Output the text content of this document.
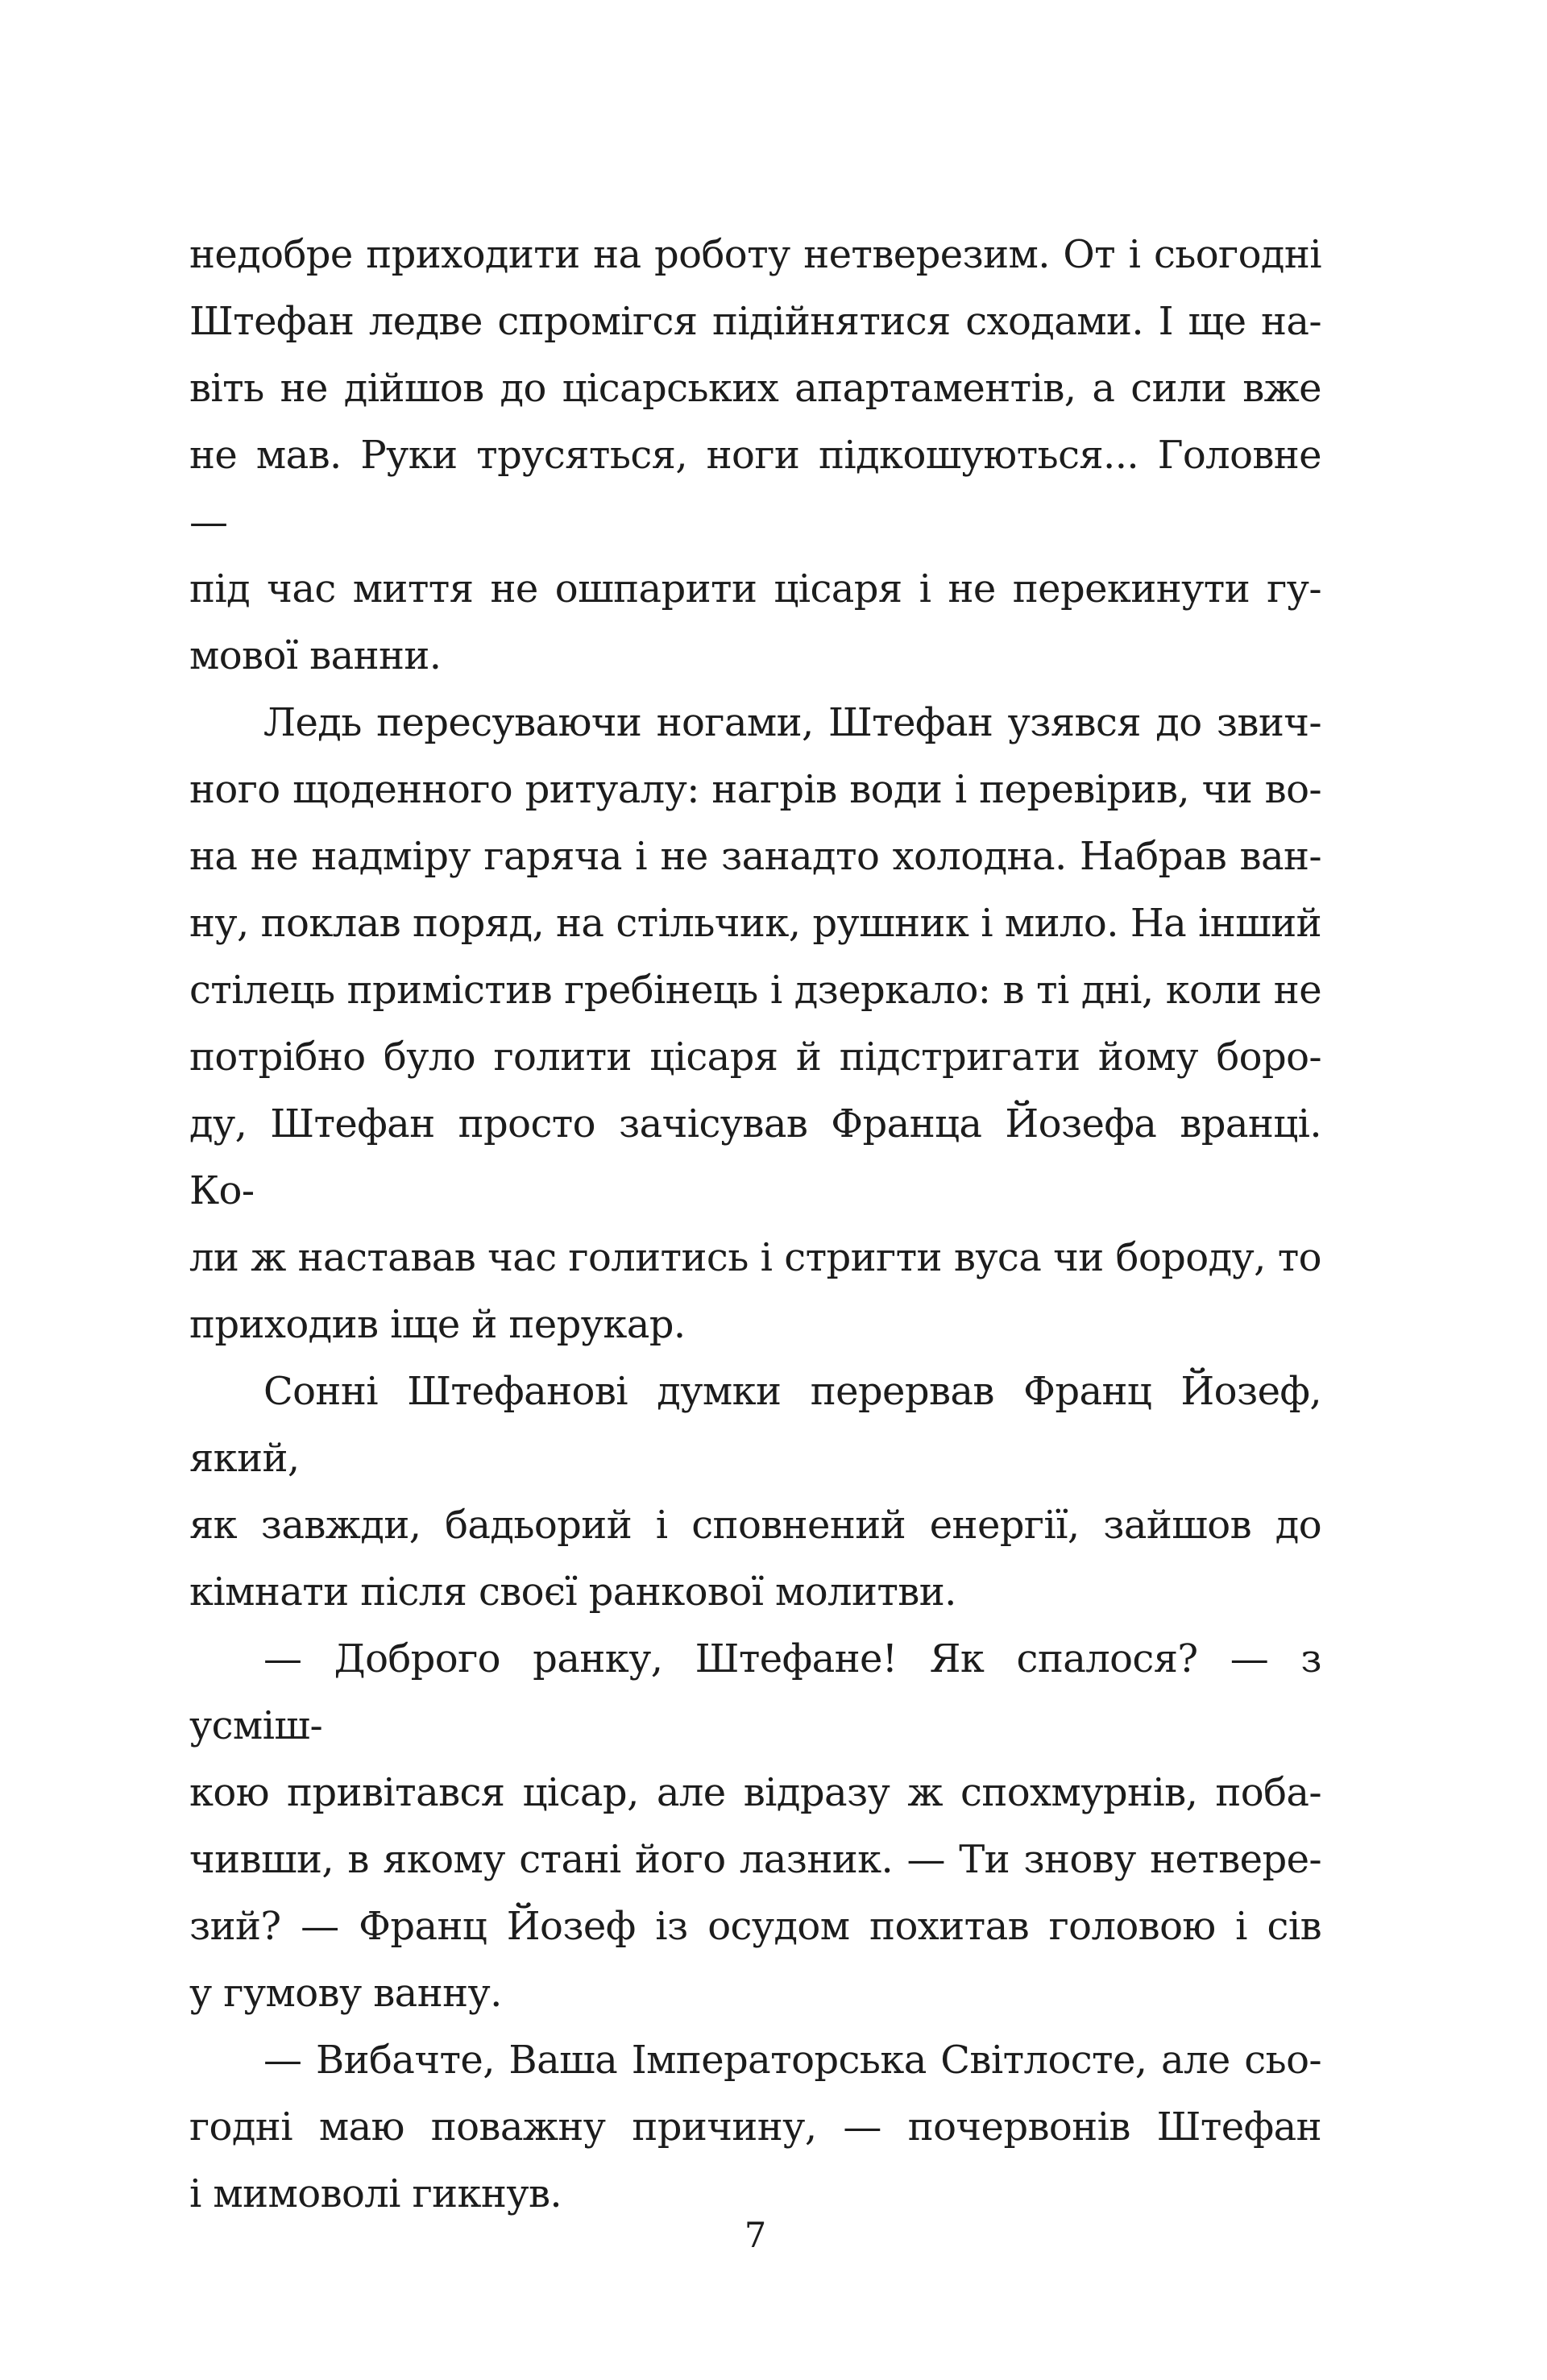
недобре приходити на роботу нетверезим. От і сьогодні
Штефан ледве спромігся підійнятися сходами. І ще на-
віть не дійшов до цісарських апартаментів, а сили вже
не мав. Руки трусяться, ноги підкошуються... Головне —
під час миття не ошпарити цісаря і не перекинути гу-
мової ванни.
Ледь пересуваючи ногами, Штефан узявся до звич-
ного щоденного ритуалу: нагрів води і перевірив, чи во-
на не надміру гаряча і не занадто холодна. Набрав ван-
ну, поклав поряд, на стільчик, рушник і мило. На інший
стілець примістив гребінець і дзеркало: в ті дні, коли не
потрібно було голити цісаря й підстригати йому боро-
ду, Штефан просто зачісував Франца Йозефа вранці. Ко-
ли ж наставав час голитись і стригти вуса чи бороду, то
приходив іще й перукар.
Сонні Штефанові думки перервав Франц Йозеф, який,
як завжди, бадьорий і сповнений енергії, зайшов до
кімнати після своєї ранкової молитви.
— Доброго ранку, Штефане! Як спалося? — з усміш-
кою привітався цісар, але відразу ж спохмурнів, поба-
чивши, в якому стані його лазник. — Ти знову нетвере-
зий? — Франц Йозеф із осудом похитав головою і сів
у гумову ванну.
— Вибачте, Ваша Імператорська Світлосте, але сьо-
годні маю поважну причину, — почервонів Штефан
і мимоволі гикнув.
7
